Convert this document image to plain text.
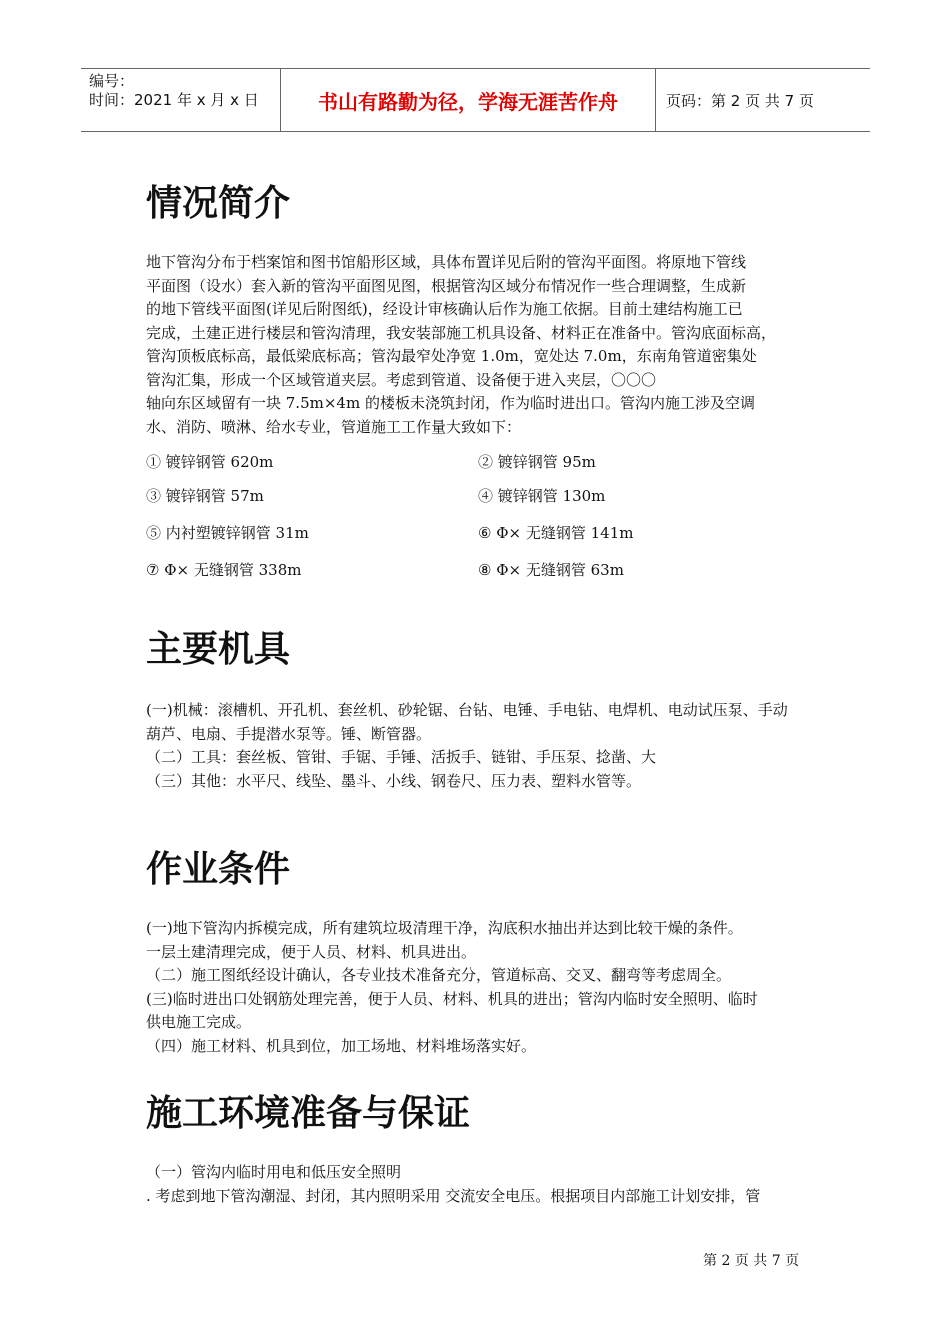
编号：
时间：2021 年 x 月 x 日	书山有路勤为径，学海无涯苦作舟	页码：第 2 页 共 7 页
情况简介

地下管沟分布于档案馆和图书馆船形区域，具体布置详见后附的管沟平面图。将原地下管线

平面图（设水）套入新的管沟平面图见图，根据管沟区域分布情况作一些合理调整，生成新

的地下管线平面图(详见后附图纸)，经设计审核确认后作为施工依据。目前土建结构施工已

完成，土建正进行楼层和管沟清理，我安装部施工机具设备、材料正在准备中。管沟底面标高，

管沟顶板底标高，最低梁底标高；管沟最窄处净宽 1.0m，宽处达 7.0m，东南角管道密集处

管沟汇集，形成一个区域管道夹层。考虑到管道、设备便于进入夹层，〇〇〇

轴向东区域留有一块 7.5m×4m 的楼板未浇筑封闭，作为临时进出口。管沟内施工涉及空调

水、消防、喷淋、给水专业，管道施工工作量大致如下：

① 镀锌钢管 620m	② 镀锌钢管 95m
③ 镀锌钢管 57m	④ 镀锌钢管 130m
⑤ 内衬塑镀锌钢管 31m	⑥ Φ× 无缝钢管 141m
⑦ Φ× 无缝钢管 338m	⑧ Φ× 无缝钢管 63m
主要机具

(一)机械：滚槽机、开孔机、套丝机、砂轮锯、台钻、电锤、手电钻、电焊机、电动试压泵、手动

葫芦、电扇、手提潜水泵等。锤、断管器。

（二）工具：套丝板、管钳、手锯、手锤、活扳手、链钳、手压泵、捻凿、大

（三）其他：水平尺、线坠、墨斗、小线、钢卷尺、压力表、塑料水管等。

作业条件

(一)地下管沟内拆模完成，所有建筑垃圾清理干净，沟底积水抽出并达到比较干燥的条件。

一层土建清理完成，便于人员、材料、机具进出。

（二）施工图纸经设计确认，各专业技术准备充分，管道标高、交叉、翻弯等考虑周全。

(三)临时进出口处钢筋处理完善，便于人员、材料、机具的进出；管沟内临时安全照明、临时

供电施工完成。

（四）施工材料、机具到位，加工场地、材料堆场落实好。

施工环境准备与保证

（一）管沟内临时用电和低压安全照明

. 考虑到地下管沟潮湿、封闭，其内照明采用 交流安全电压。根据项目内部施工计划安排，管

第 2 页 共 7 页
